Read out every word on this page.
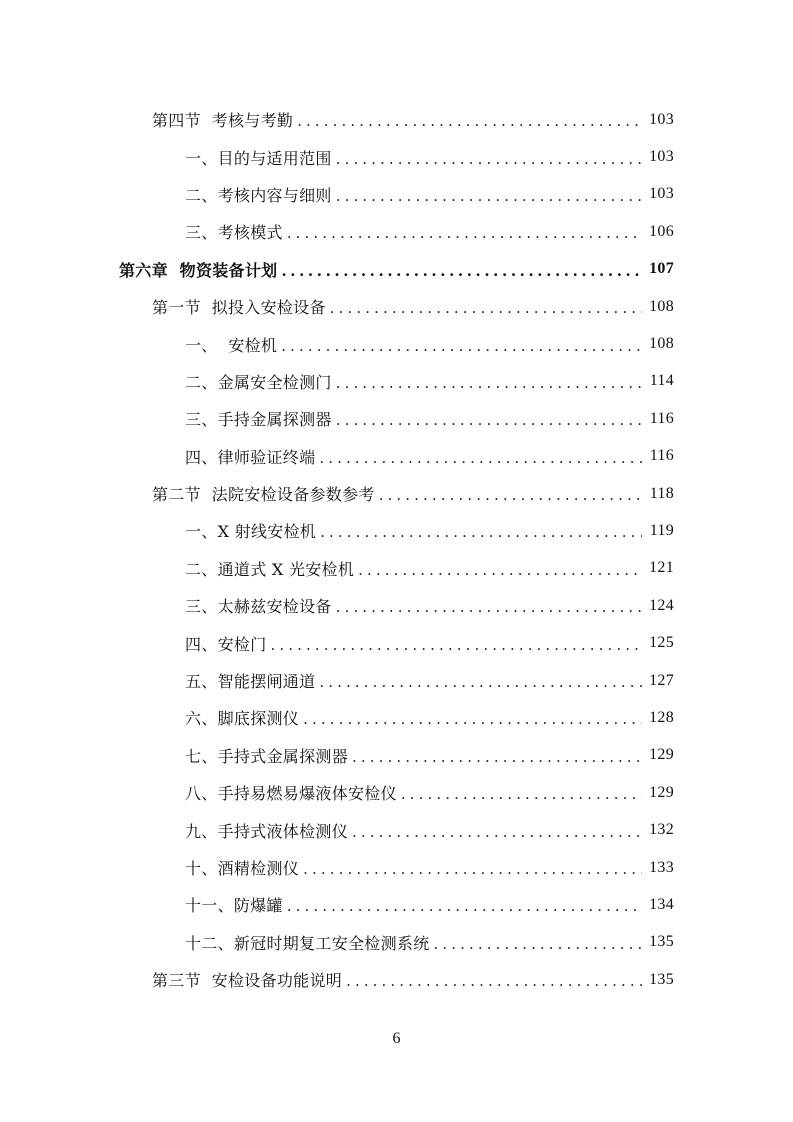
第四节  考核与考勤 .....	103
一、目的与适用范围 .....	103
二、考核内容与细则 .....	103
三、考核模式 .....	106
第六章  物资装备计划 .....	107
第一节  拟投入安检设备 .....	108
一、  安检机 .....	108
二、金属安全检测门 .....	114
三、手持金属探测器 .....	116
四、律师验证终端 .....	116
第二节  法院安检设备参数参考 .....	118
一、X 射线安检机 .....	119
二、通道式 X 光安检机 .....	121
三、太赫兹安检设备 .....	124
四、安检门 .....	125
五、智能摆闸通道 .....	127
六、脚底探测仪 .....	128
七、手持式金属探测器 .....	129
八、手持易燃易爆液体安检仪 .....	129
九、手持式液体检测仪 .....	132
十、酒精检测仪 .....	133
十一、防爆罐 .....	134
十二、新冠时期复工安全检测系统 .....	135
第三节  安检设备功能说明 .....	135
6
